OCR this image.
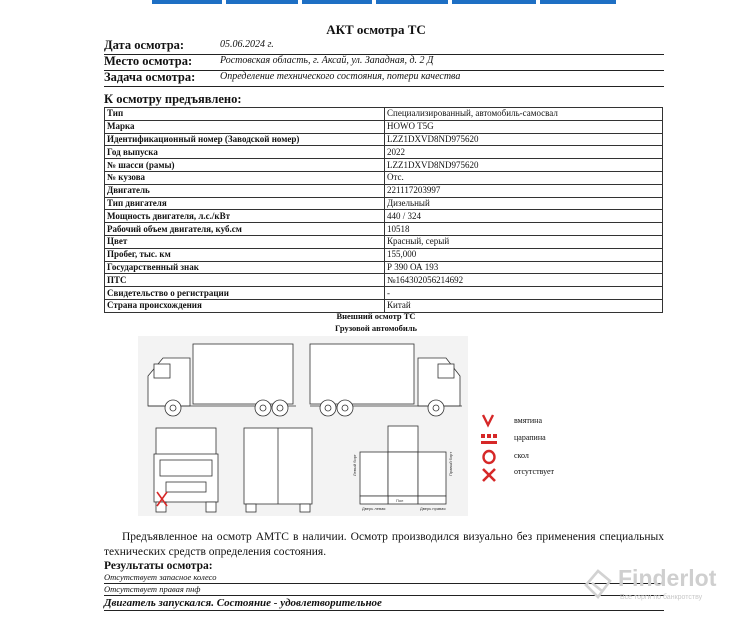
АКТ осмотра ТС
Дата осмотра:	05.06.2024 г.
Место осмотра:	Ростовская область, г. Аксай, ул. Западная, д. 2 Д
Задача осмотра: Определение технического состояния, потери качества
К осмотру предъявлено:
Тип	Специализированный, автомобиль-самосвал
Марка	HOWO T5G
Идентификационный номер (Заводской номер)	LZZ1DXVD8ND975620
Год выпуска	2022
№ шасси (рамы)	LZZ1DXVD8ND975620
№ кузова	Отс.
Двигатель	221117203997
Тип двигателя	Дизельный
Мощность двигателя, л.с./кВт	440 / 324
Рабочий объем двигателя, куб.см	10518
Цвет	Красный, серый
Пробег, тыс. км	155,000
Государственный знак	Р 390 ОА 193
ПТС	№164302056214692
Свидетельство о регистрации	-
Страна происхождения	Китай
Внешний осмотр ТС
Грузовой автомобиль
Левый борт	Правый борт
Пол
Дверь левая	Дверь правая
вмятина
царапина
скол
отсутствует
Предъявленное на осмотр АМТС в наличии. Осмотр производился визуально без применения специальных технических средств определения состояния.
Результаты осмотра:
Отсутствует запасное колесо
Отсутствует правая пнф
Двигатель запускался. Состояние - удовлетворительное
Finderlot
Все торги по банкротству
